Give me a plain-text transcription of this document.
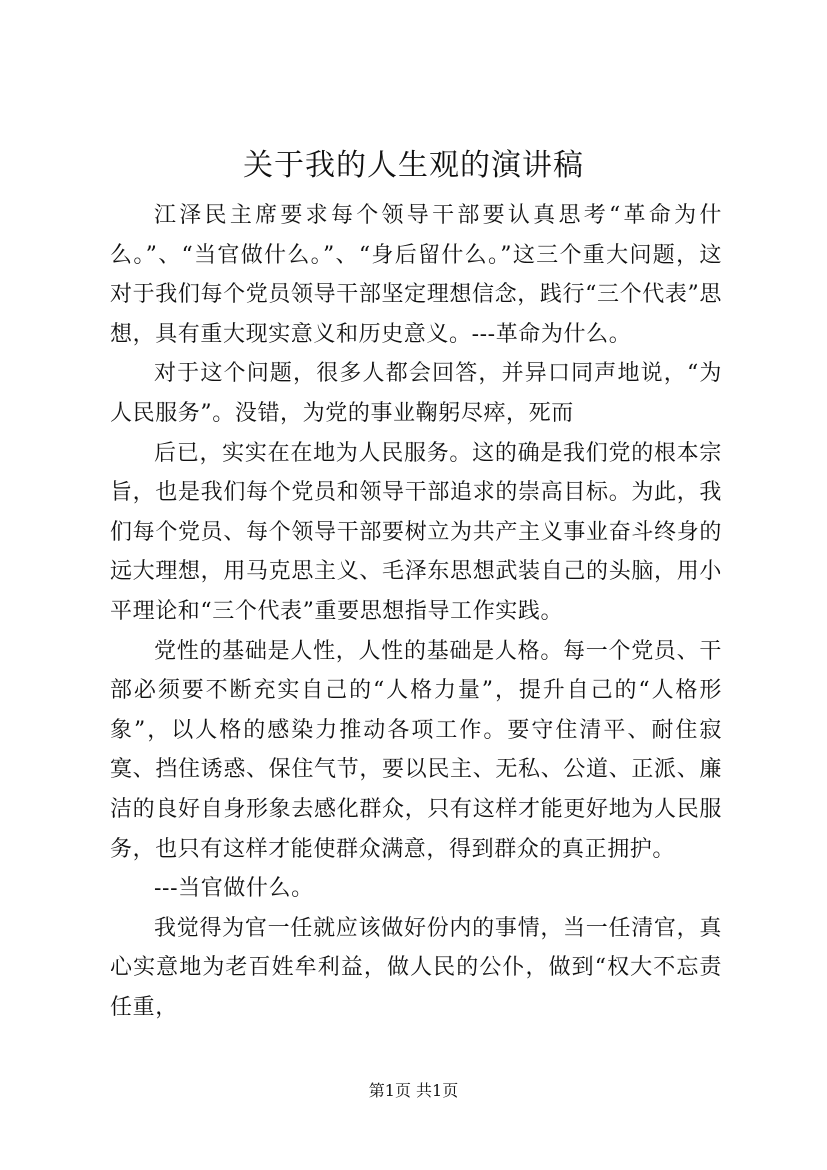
关于我的人生观的演讲稿

江泽民主席要求每个领导干部要认真思考“革命为什么。”、“当官做什么。”、“身后留什么。”这三个重大问题，这对于我们每个党员领导干部坚定理想信念，践行“三个代表”思想，具有重大现实意义和历史意义。---革命为什么。

对于这个问题，很多人都会回答，并异口同声地说，“为人民服务”。没错，为党的事业鞠躬尽瘁，死而

后已，实实在在地为人民服务。这的确是我们党的根本宗旨，也是我们每个党员和领导干部追求的崇高目标。为此，我们每个党员、每个领导干部要树立为共产主义事业奋斗终身的远大理想，用马克思主义、毛泽东思想武装自己的头脑，用小平理论和“三个代表”重要思想指导工作实践。

党性的基础是人性，人性的基础是人格。每一个党员、干部必须要不断充实自己的“人格力量”，提升自己的“人格形象”，以人格的感染力推动各项工作。要守住清平、耐住寂寞、挡住诱惑、保住气节，要以民主、无私、公道、正派、廉洁的良好自身形象去感化群众，只有这样才能更好地为人民服务，也只有这样才能使群众满意，得到群众的真正拥护。

---当官做什么。

我觉得为官一任就应该做好份内的事情，当一任清官，真心实意地为老百姓牟利益，做人民的公仆，做到“权大不忘责任重，

第1页 共1页
